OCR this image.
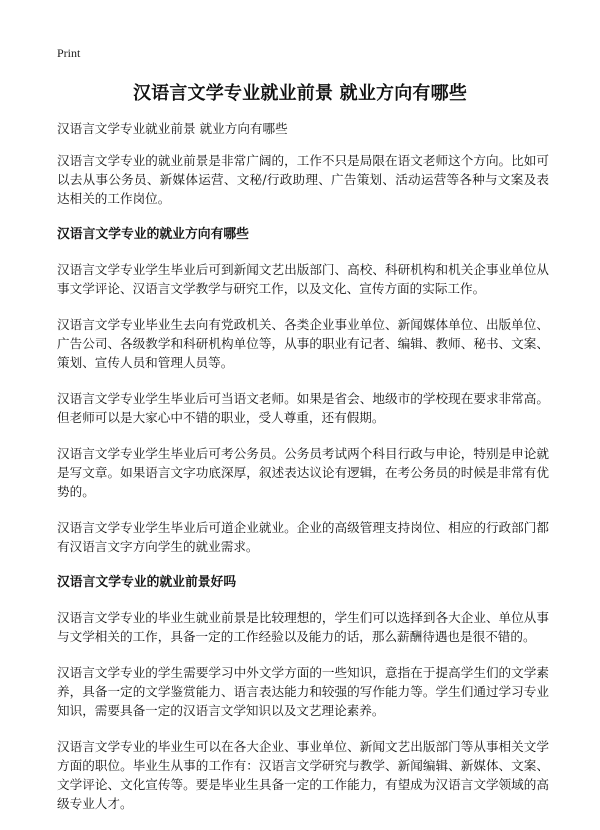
Print
汉语言文学专业就业前景 就业方向有哪些

汉语言文学专业就业前景 就业方向有哪些

汉语言文学专业的就业前景是非常广阔的，工作不只是局限在语文老师这个方向。比如可以去从事公务员、新媒体运营、文秘/行政助理、广告策划、活动运营等各种与文案及表达相关的工作岗位。

汉语言文学专业的就业方向有哪些

汉语言文学专业学生毕业后可到新闻文艺出版部门、高校、科研机构和机关企事业单位从事文学评论、汉语言文学教学与研究工作，以及文化、宣传方面的实际工作。

汉语言文学专业毕业生去向有党政机关、各类企业事业单位、新闻媒体单位、出版单位、广告公司、各级教学和科研机构单位等，从事的职业有记者、编辑、教师、秘书、文案、策划、宣传人员和管理人员等。

汉语言文学专业学生毕业后可当语文老师。如果是省会、地级市的学校现在要求非常高。但老师可以是大家心中不错的职业，受人尊重，还有假期。

汉语言文学专业学生毕业后可考公务员。公务员考试两个科目行政与申论，特别是申论就是写文章。如果语言文字功底深厚，叙述表达议论有逻辑，在考公务员的时候是非常有优势的。

汉语言文学专业学生毕业后可道企业就业。企业的高级管理支持岗位、相应的行政部门都有汉语言文字方向学生的就业需求。

汉语言文学专业的就业前景好吗

汉语言文学专业的毕业生就业前景是比较理想的，学生们可以选择到各大企业、单位从事与文学相关的工作，具备一定的工作经验以及能力的话，那么薪酬待遇也是很不错的。

汉语言文学专业的学生需要学习中外文学方面的一些知识，意指在于提高学生们的文学素养，具备一定的文学鉴赏能力、语言表达能力和较强的写作能力等。学生们通过学习专业知识，需要具备一定的汉语言文学知识以及文艺理论素养。

汉语言文学专业的毕业生可以在各大企业、事业单位、新闻文艺出版部门等从事相关文学方面的职位。毕业生从事的工作有：汉语言文学研究与教学、新闻编辑、新媒体、文案、文学评论、文化宣传等。要是毕业生具备一定的工作能力，有望成为汉语言文学领域的高级专业人才。
